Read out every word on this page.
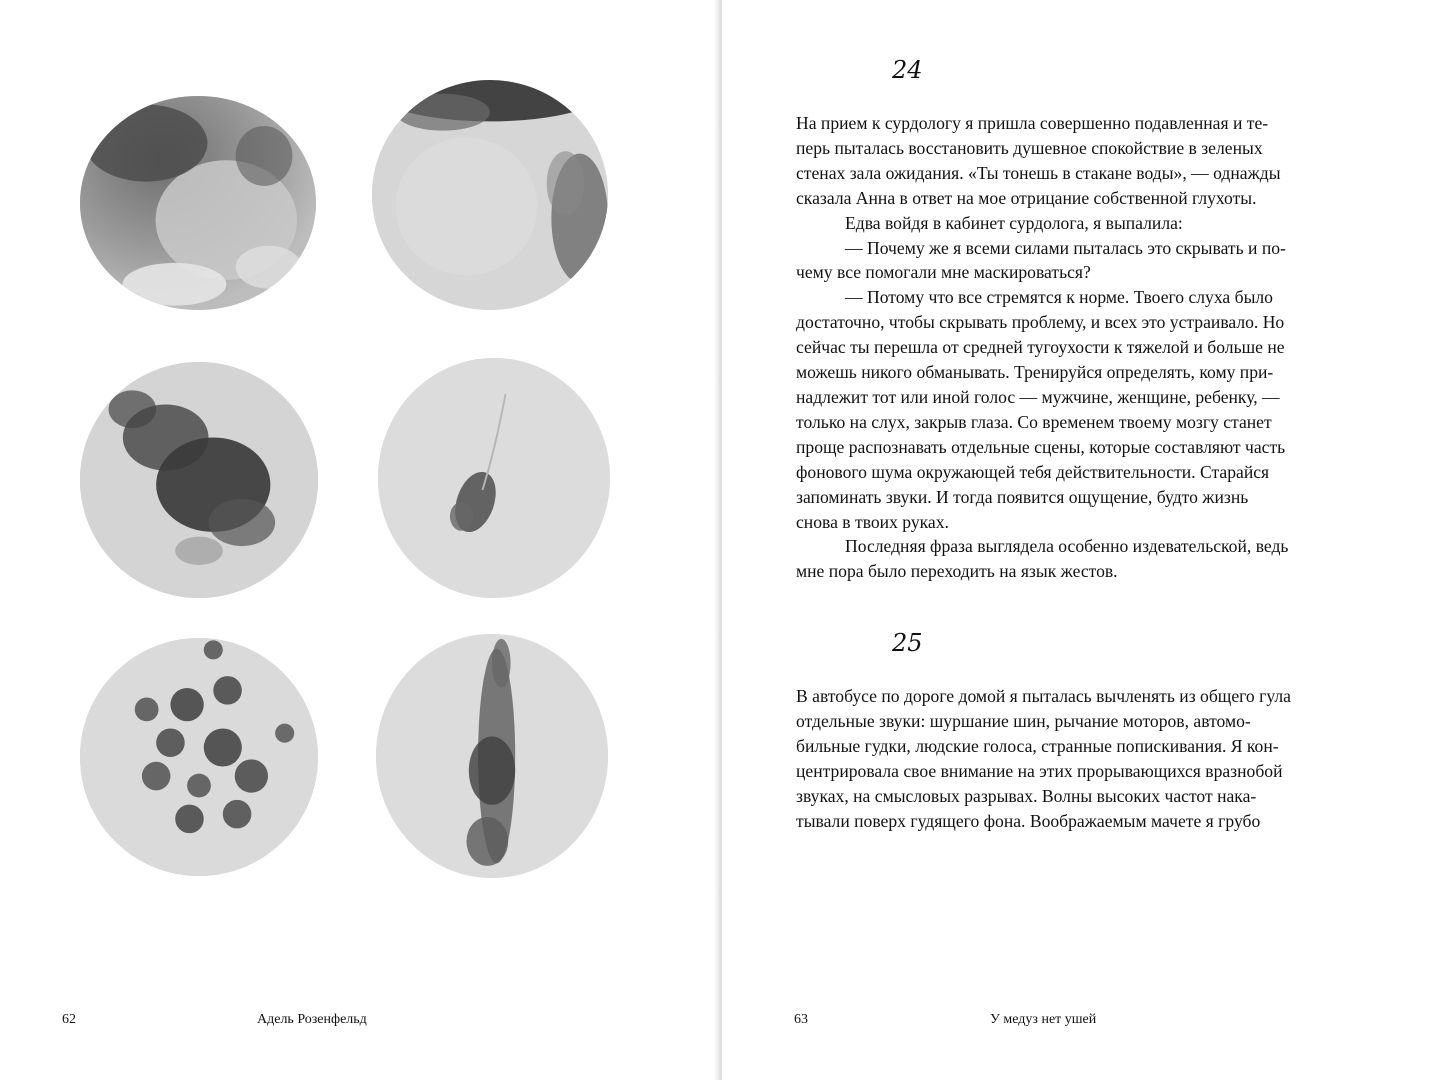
62	Адель Розенфельд	63	У медуз нет ушей
24
На прием к сурдологу я пришла совершенно подавленная и те-
перь пыталась восстановить душевное спокойствие в зеленых
стенах зала ожидания. «Ты тонешь в стакане воды», — однажды
сказала Анна в ответ на мое отрицание собственной глухоты.
Едва войдя в кабинет сурдолога, я выпалила:
— Почему же я всеми силами пыталась это скрывать и по-
чему все помогали мне маскироваться?
— Потому что все стремятся к норме. Твоего слуха было
достаточно, чтобы скрывать проблему, и всех это устраивало. Но
сейчас ты перешла от средней тугоухости к тяжелой и больше не
можешь никого обманывать. Тренируйся определять, кому при-
надлежит тот или иной голос — мужчине, женщине, ребенку, —
только на слух, закрыв глаза. Со временем твоему мозгу станет
проще распознавать отдельные сцены, которые составляют часть
фонового шума окружающей тебя действительности. Старайся
запоминать звуки. И тогда появится ощущение, будто жизнь
снова в твоих руках.
Последняя фраза выглядела особенно издевательской, ведь
мне пора было переходить на язык жестов.
25
В автобусе по дороге домой я пыталась вычленять из общего гула
отдельные звуки: шуршание шин, рычание моторов, автомо-
бильные гудки, людские голоса, странные попискивания. Я кон-
центрировала свое внимание на этих прорывающихся вразнобой
звуках, на смысловых разрывах. Волны высоких частот нака-
тывали поверх гудящего фона. Воображаемым мачете я грубо
